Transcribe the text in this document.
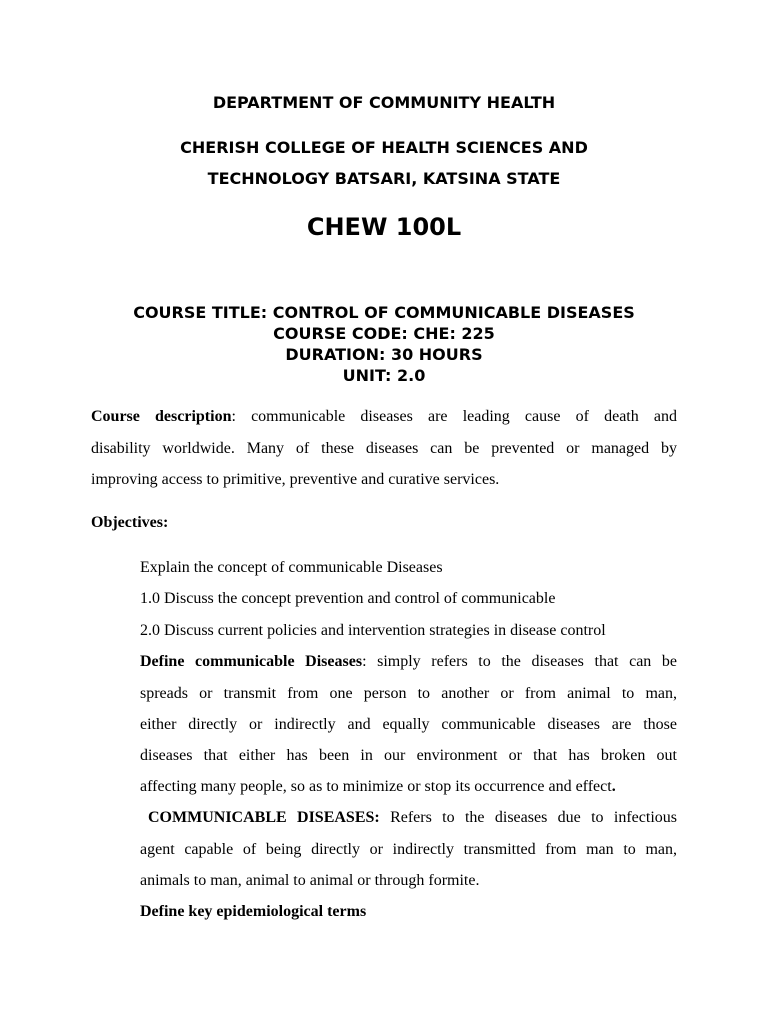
DEPARTMENT OF COMMUNITY HEALTH
CHERISH COLLEGE OF HEALTH SCIENCES AND
TECHNOLOGY BATSARI, KATSINA STATE
CHEW 100L
COURSE TITLE: CONTROL OF COMMUNICABLE DISEASES
COURSE CODE: CHE: 225
DURATION: 30 HOURS
UNIT: 2.0
Course description: communicable diseases are leading cause of death and
disability worldwide. Many of these diseases can be prevented or managed by
improving access to primitive, preventive and curative services.
Objectives:
Explain the concept of communicable Diseases
1.0 Discuss the concept prevention and control of communicable
2.0 Discuss current policies and intervention strategies in disease control
Define communicable Diseases: simply refers to the diseases that can be
spreads or transmit from one person to another or from animal to man,
either directly or indirectly and equally communicable diseases are those
diseases that either has been in our environment or that has broken out
affecting many people, so as to minimize or stop its occurrence and effect.
COMMUNICABLE DISEASES: Refers to the diseases due to infectious
agent capable of being directly or indirectly transmitted from man to man,
animals to man, animal to animal or through formite.
Define key epidemiological terms
